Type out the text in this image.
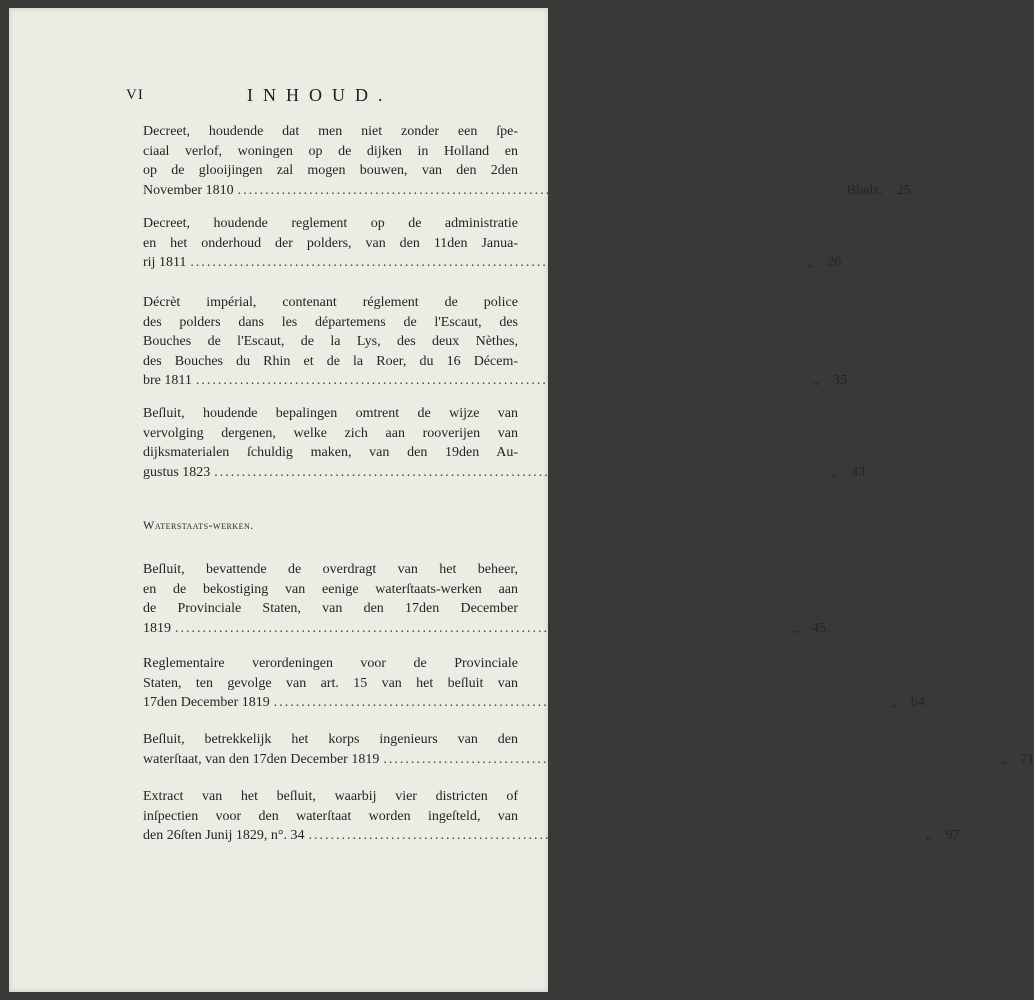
VI	INHOUD.
Decreet, houdende dat men niet zonder een ſpe-
ciaal verlof, woningen op de dijken in Holland en
op de glooijingen zal mogen bouwen, van den 2den
November 1810 .............................................................................................................. Bladz. 25
Decreet, houdende reglement op de administratie
en het onderhoud der polders, van den 11den Janua-
rij 1811 .............................................................................................................. „ 26
Décrèt impérial, contenant réglement de police
des polders dans les départemens de l'Escaut, des
Bouches de l'Escaut, de la Lys, des deux Nèthes,
des Bouches du Rhin et de la Roer, du 16 Décem-
bre 1811 .............................................................................................................. „ 35
Beſluit, houdende bepalingen omtrent de wijze van
vervolging dergenen, welke zich aan rooverijen van
dijksmaterialen ſchuldig maken, van den 19den Au-
gustus 1823 .............................................................................................................. „ 43
Waterstaats-werken.
Beſluit, bevattende de overdragt van het beheer,
en de bekostiging van eenige waterſtaats-werken aan
de Provinciale Staten, van den 17den December
1819 .............................................................................................................. „ 45
Reglementaire verordeningen voor de Provinciale
Staten, ten gevolge van art. 15 van het beſluit van
17den December 1819 .............................................................................................................. „ 64
Beſluit, betrekkelijk het korps ingenieurs van den
waterſtaat, van den 17den December 1819 .............................................................................................................. „ 71
Extract van het beſluit, waarbij vier districten of
inſpectien voor den waterſtaat worden ingeſteld, van
den 26ſten Junij 1829, n°. 34 .............................................................................................................. „ 97
